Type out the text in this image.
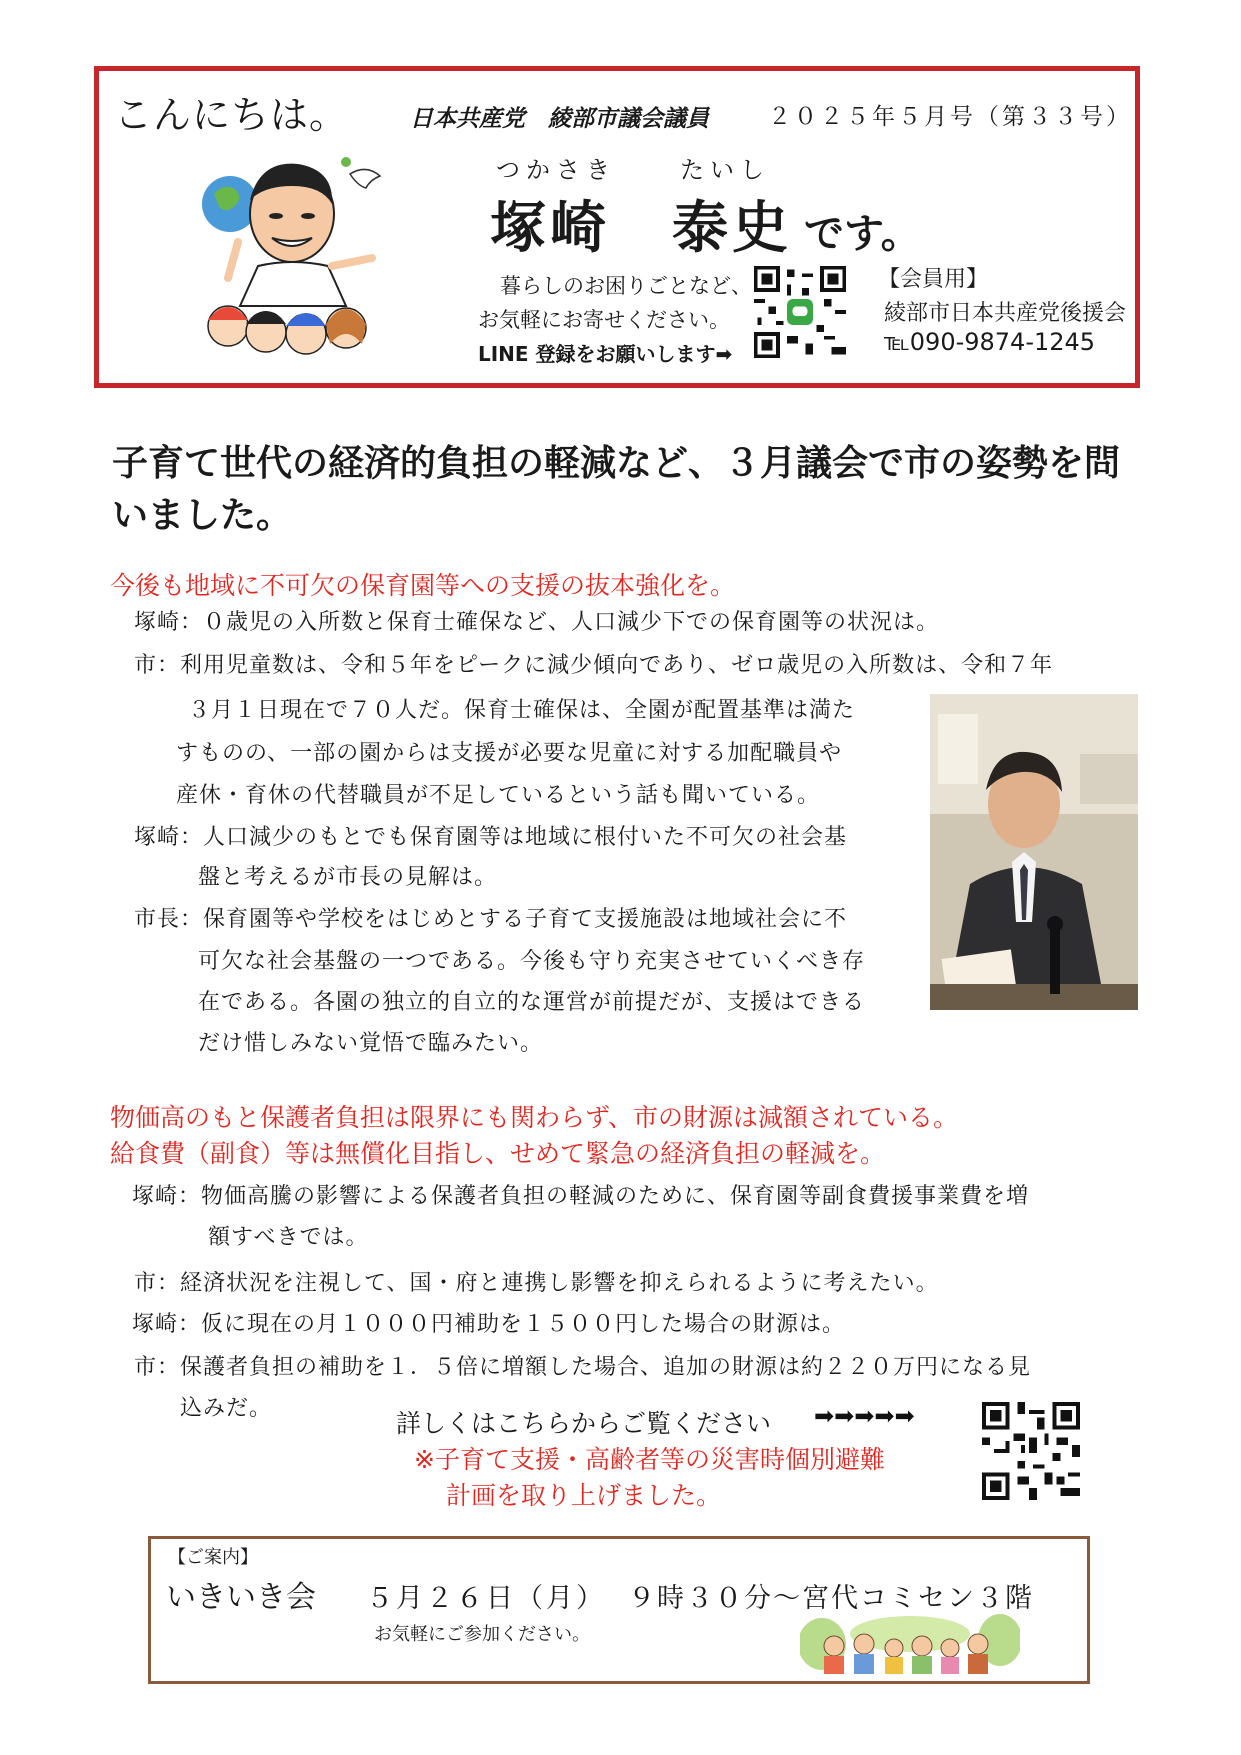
こんにちは。	日本共産党　綾部市議会議員	２０２５年５月号（第３３号）
つかさき	たいし
塚崎 泰史 です。
暮らしのお困りごとなど、
お気軽にお寄せください。
LINE 登録をお願いします➡
【会員用】
綾部市日本共産党後援会
℡090-9874-1245
子育て世代の経済的負担の軽減など、３月議会で市の姿勢を問いました。
今後も地域に不可欠の保育園等への支援の抜本強化を。
塚崎：０歳児の入所数と保育士確保など、人口減少下での保育園等の状況は。
市：利用児童数は、令和５年をピークに減少傾向であり、ゼロ歳児の入所数は、令和７年
３月１日現在で７０人だ。保育士確保は、全園が配置基準は満た
すものの、一部の園からは支援が必要な児童に対する加配職員や
産休・育休の代替職員が不足しているという話も聞いている。
塚崎：人口減少のもとでも保育園等は地域に根付いた不可欠の社会基
盤と考えるが市長の見解は。
市長：保育園等や学校をはじめとする子育て支援施設は地域社会に不
可欠な社会基盤の一つである。今後も守り充実させていくべき存
在である。各園の独立的自立的な運営が前提だが、支援はできる
だけ惜しみない覚悟で臨みたい。
物価高のもと保護者負担は限界にも関わらず、市の財源は減額されている。
給食費（副食）等は無償化目指し、せめて緊急の経済負担の軽減を。
塚崎：物価高騰の影響による保護者負担の軽減のために、保育園等副食費援事業費を増
額すべきでは。
市：経済状況を注視して、国・府と連携し影響を抑えられるように考えたい。
塚崎：仮に現在の月１０００円補助を１５００円した場合の財源は。
市：保護者負担の補助を１．５倍に増額した場合、追加の財源は約２２０万円になる見
込みだ。
詳しくはこちらからご覧ください ➡➡➡➡➡
※子育て支援・高齢者等の災害時個別避難
計画を取り上げました。
【ご案内】
いきいき会 ５月２６日（月） ９時３０分〜宮代コミセン３階
お気軽にご参加ください。
